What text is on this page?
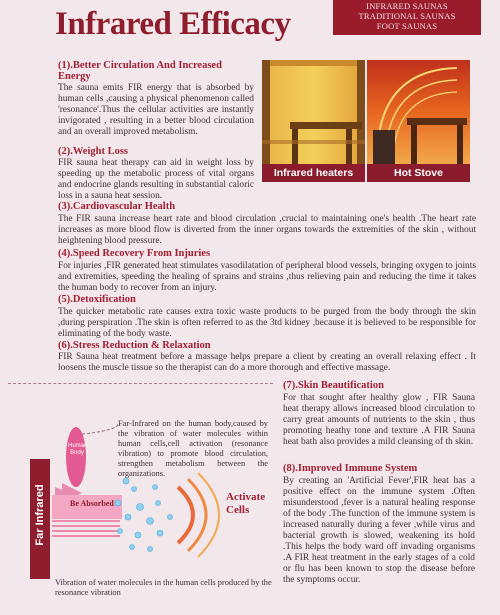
Infrared Efficacy	INFRARED SAUNAS
TRADITIONAL SAUNAS
FOOT SAUNAS
(1).Better Circulation And Increased Energy
The sauna emits FIR energy that is absorbed by human cells ,causing a physical phenomenon called 'resonance'.Thus the cellular activities are instantly invigorated , resulting in a better blood circulation and an overall improved metabolism.
(2).Weight Loss
FIR sauna heat therapy can aid in weight loss by speeding up the metabolic process of vital organs and endocrine glands resulting in substantial caloric loss in a sauna heat session.
Infrared heaters	Hot Stove
(3).Cardiovascular Health
The FIR sauna increase heart rate and blood circulation ,crucial to maintaining one's health .The heart rate increases as more blood flow is diverted from the inner organs towards the extremities of the skin , without heightening blood pressure.
(4).Speed Recovery From Injuries
For injuries ,FIR generated heat stimulates vasodilatation of peripheral blood vessels, bringing oxygen to joints and extremities, speeding the healing of sprains and strains ,thus relieving pain and reducing the time it takes the human body to recover from an injury.
(5).Detoxification
The quicker metabolic rate causes extra toxic waste products to be purged from the body through the skin ,during perspiration .The skin is often referred to as the 3td kidney ,because it is believed to be responsible for eliminating of the body waste.
(6).Stress Reduction & Relaxation
FIR Sauna heat treatment before a massage helps prepare a client by creating an overall relaxing effect . It loosens the muscle tissue so the therapist can do a more thorough and effective massage.
(7).Skin Beautification
For that sought after healthy glow , FIR Sauna heat therapy allows increased blood circulation to carry great amounts of nutrients to the skin , thus promoting heathy tone and texture .A FIR Sauna heat bath also provides a mild cleansing of th skin.
(8).Improved Immune System
By creating an 'Artificial Fever',FIR heat has a positive effect on the immune system .Often misunderstood ,fever is a natural healing response of the body .The function of the immune system is increased naturally during a fever ,while virus and bacterial growth is slowed, weakening its hold .This helps the body ward off invading organisms .A FIR heat treatment in the early stages of a cold or flu has been known to stop the disease before the symptoms occur.
Far Infrared
Human Body
Far-Infrared on the human body,caused by the vibration of water molecules within human cells,cell activation (resonance vibration) to promote blood circulation, strengthen metabolism between the organizations.
Be Absorbed
Activate Cells
Vibration of water molecules in the human cells produced by the resonance vibration
